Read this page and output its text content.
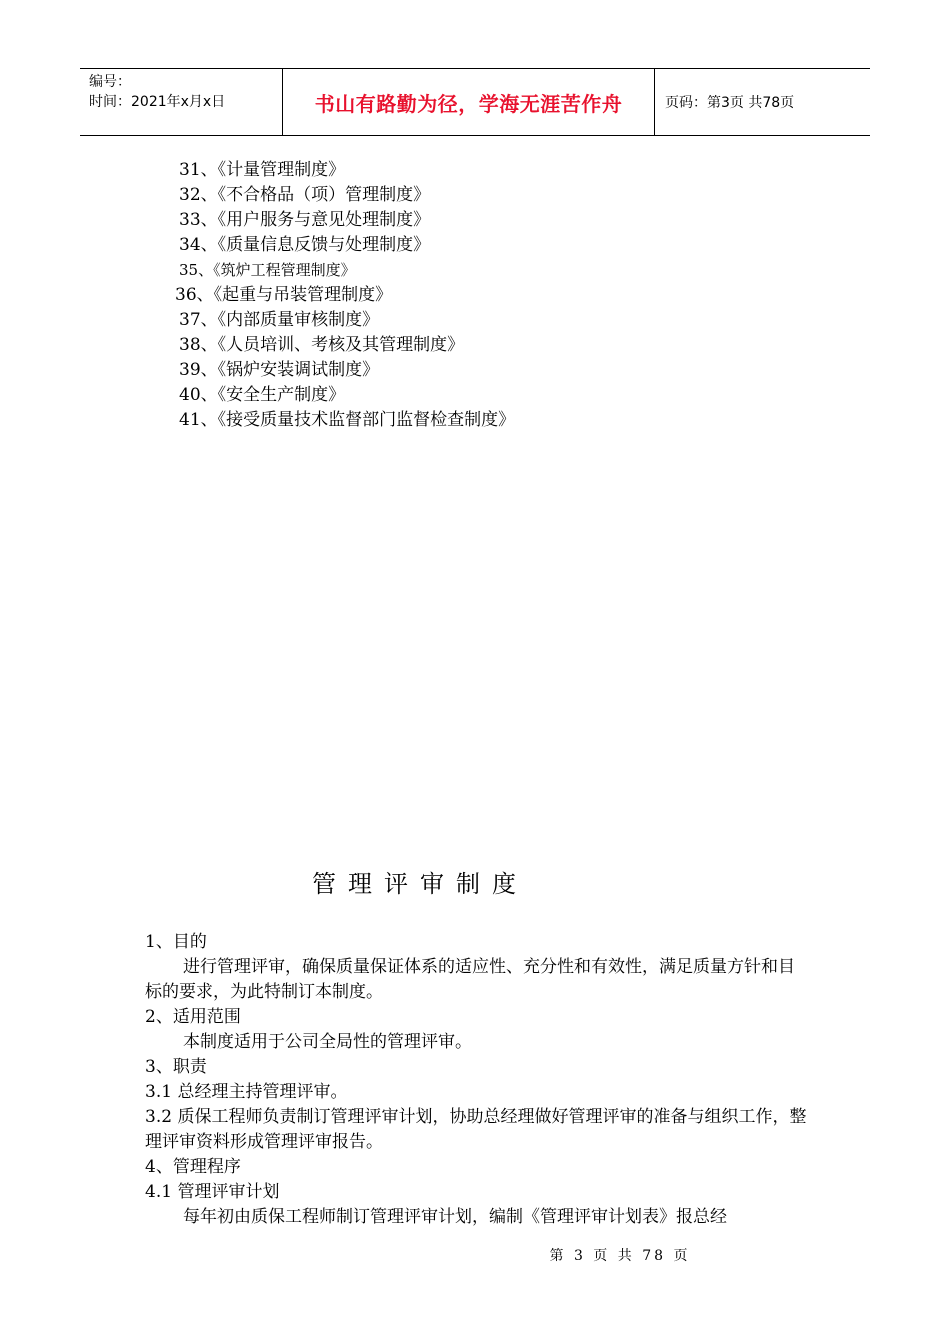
编号：
时间：2021年x月x日	书山有路勤为径，学海无涯苦作舟	页码：第3页 共78页
31、《计量管理制度》
32、《不合格品（项）管理制度》
33、《用户服务与意见处理制度》
34、《质量信息反馈与处理制度》
35、《筑炉工程管理制度》
36、《起重与吊装管理制度》
37、《内部质量审核制度》
38、《人员培训、考核及其管理制度》
39、《锅炉安装调试制度》
40、《安全生产制度》
41、《接受质量技术监督部门监督检查制度》
管理评审制度

1、目的

进行管理评审，确保质量保证体系的适应性、充分性和有效性，满足质量方针和目标的要求，为此特制订本制度。

2、适用范围

本制度适用于公司全局性的管理评审。

3、职责

3.1 总经理主持管理评审。

3.2 质保工程师负责制订管理评审计划，协助总经理做好管理评审的准备与组织工作，整理评审资料形成管理评审报告。

4、管理程序

4.1 管理评审计划

每年初由质保工程师制订管理评审计划，编制《管理评审计划表》报总经

第 3 页 共 78 页
